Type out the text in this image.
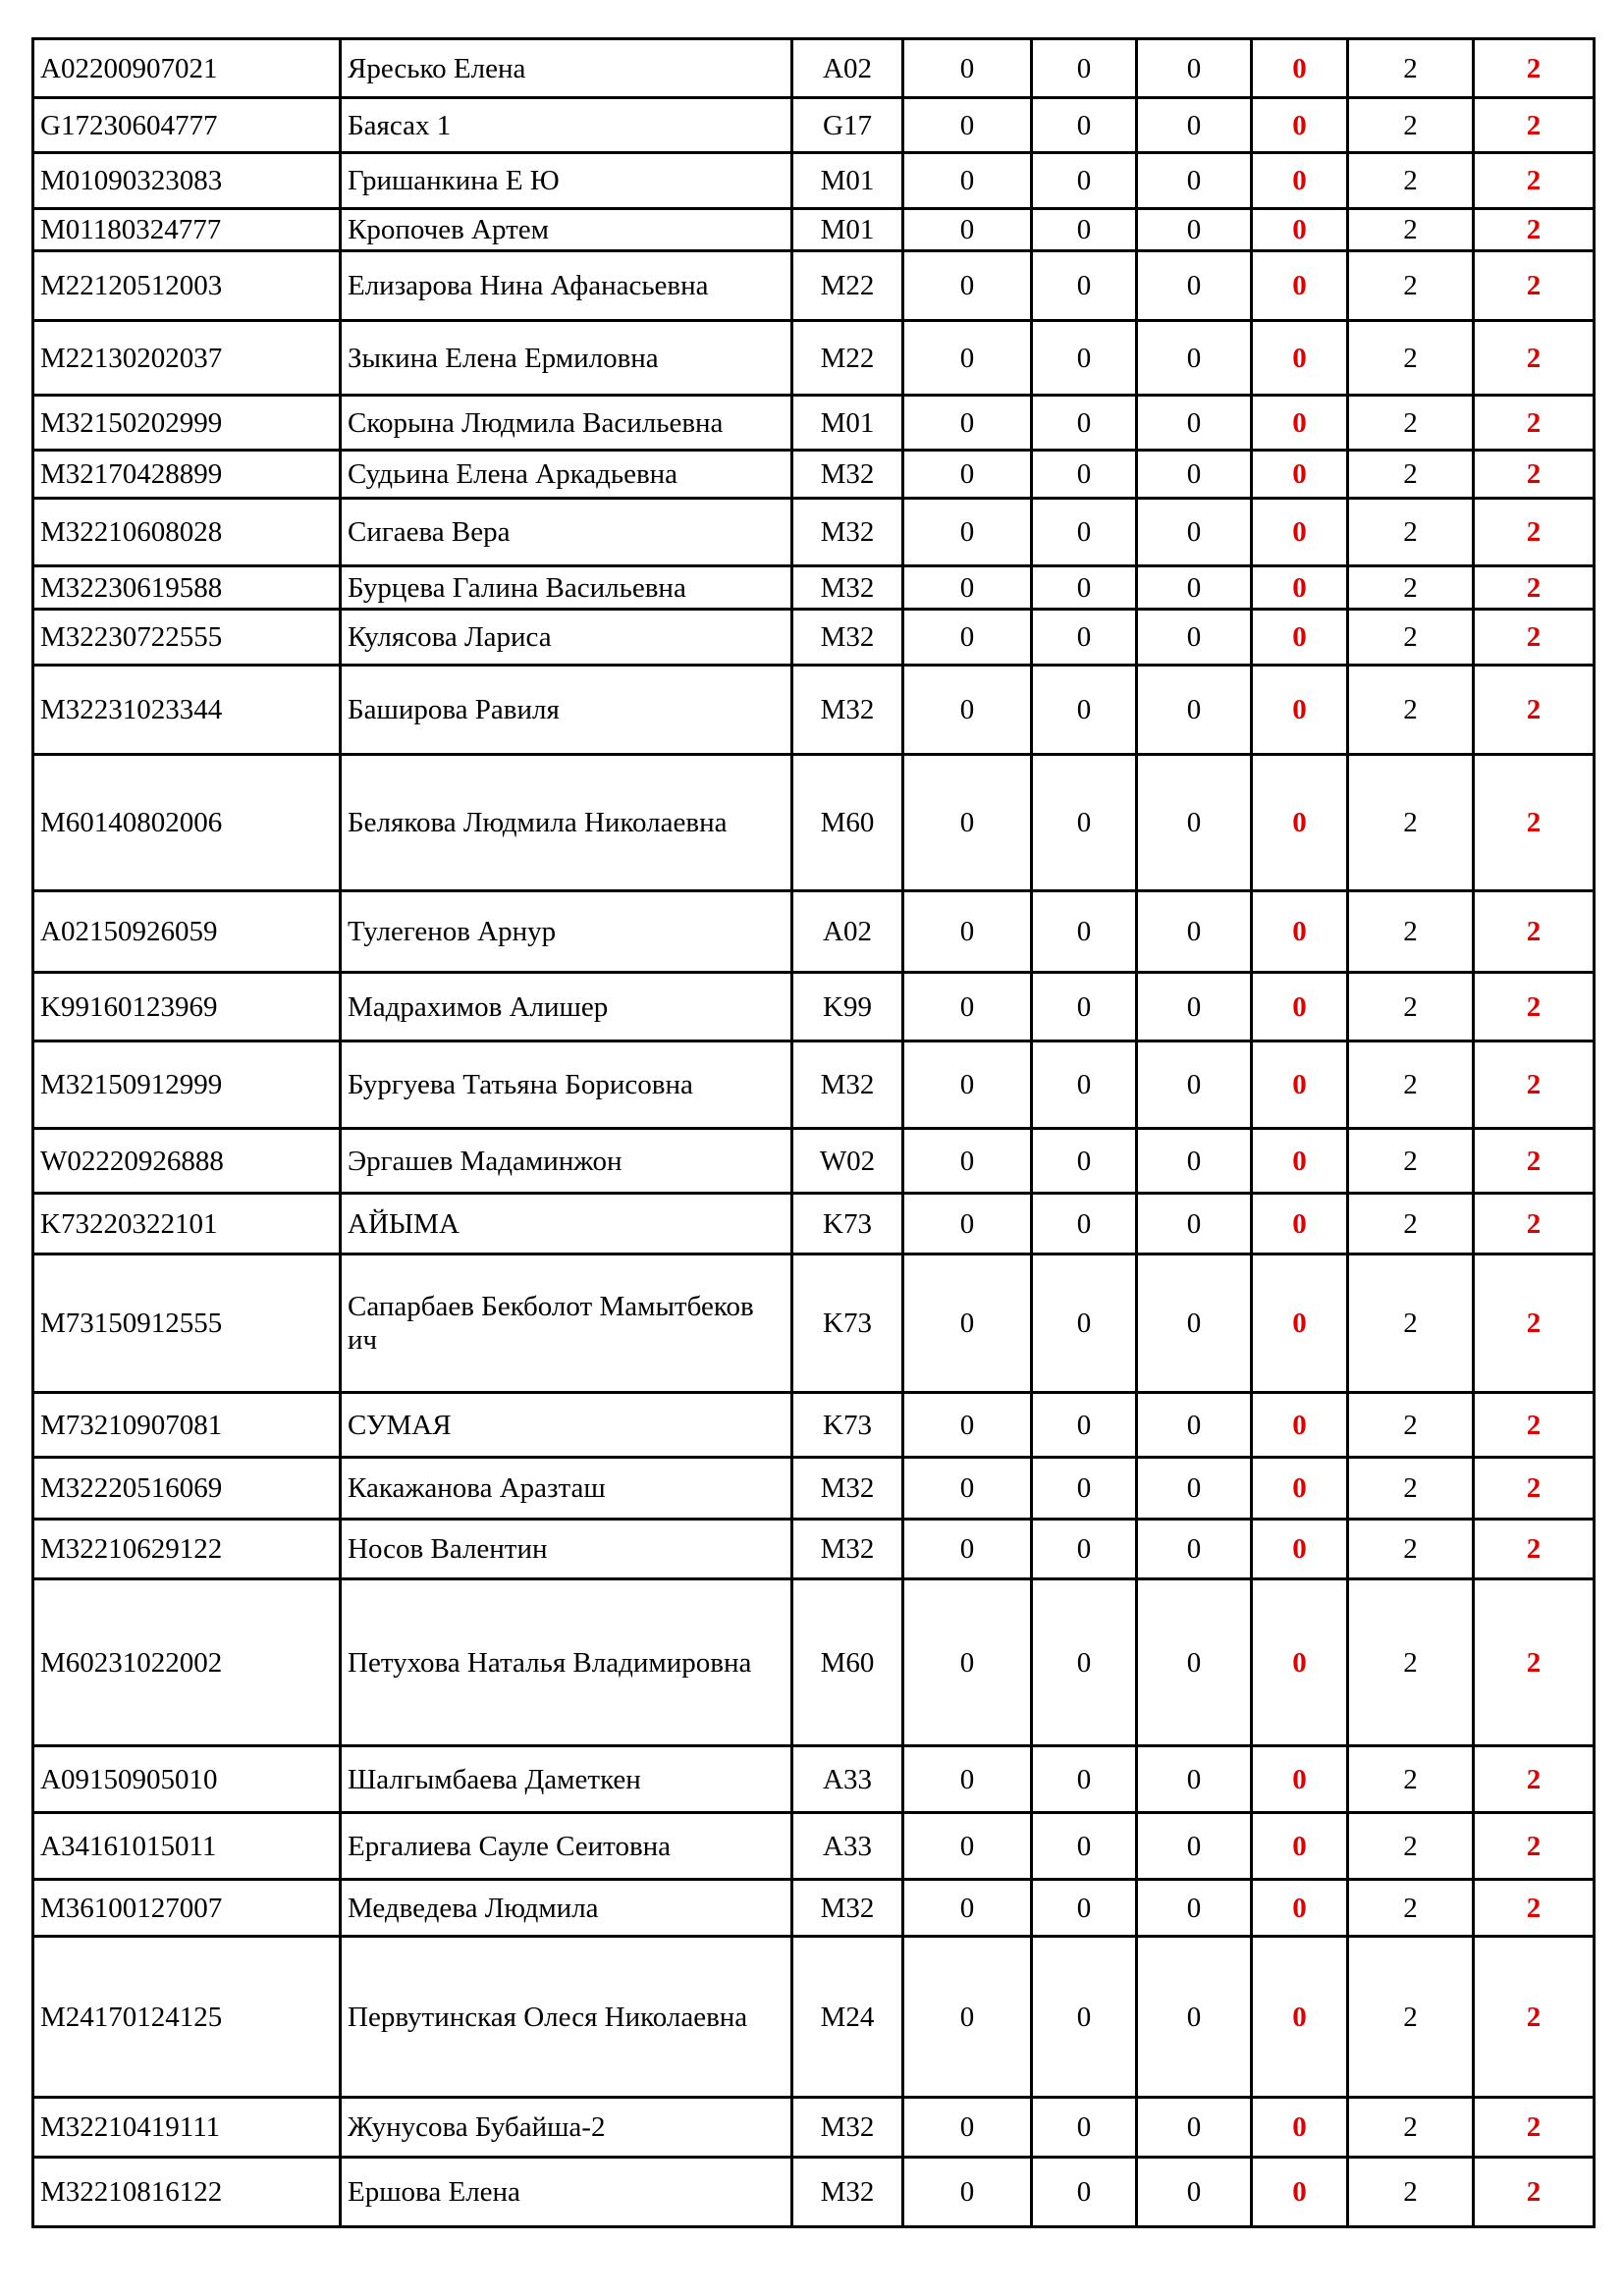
A02200907021	Яресько Елена	A02	0	0	0	0	2	2
G17230604777	Баясах 1	G17	0	0	0	0	2	2
M01090323083	Гришанкина Е Ю	M01	0	0	0	0	2	2
M01180324777	Кропочев Артем	M01	0	0	0	0	2	2
M22120512003	Елизарова Нина Афанасьевна	M22	0	0	0	0	2	2
M22130202037	Зыкина Елена Ермиловна	M22	0	0	0	0	2	2
M32150202999	Скорына Людмила Васильевна	M01	0	0	0	0	2	2
M32170428899	Судьина Елена Аркадьевна	M32	0	0	0	0	2	2
M32210608028	Сигаева Вера	M32	0	0	0	0	2	2
M32230619588	Бурцева Галина Васильевна	M32	0	0	0	0	2	2
M32230722555	Кулясова Лариса	M32	0	0	0	0	2	2
M32231023344	Баширова Равиля	M32	0	0	0	0	2	2
M60140802006	Белякова Людмила Николаевна	M60	0	0	0	0	2	2
A02150926059	Тулегенов Арнур	A02	0	0	0	0	2	2
K99160123969	Мадрахимов Алишер	K99	0	0	0	0	2	2
M32150912999	Бургуева Татьяна Борисовна	M32	0	0	0	0	2	2
W02220926888	Эргашев Мадаминжон	W02	0	0	0	0	2	2
K73220322101	АЙЫМА	K73	0	0	0	0	2	2
M73150912555	Сапарбаев Бекболот Мамытбеков ич	K73	0	0	0	0	2	2
M73210907081	СУМАЯ	K73	0	0	0	0	2	2
M32220516069	Какажанова Аразташ	M32	0	0	0	0	2	2
M32210629122	Носов Валентин	M32	0	0	0	0	2	2
M60231022002	Петухова Наталья Владимировна	M60	0	0	0	0	2	2
A09150905010	Шалгымбаева Даметкен	A33	0	0	0	0	2	2
A34161015011	Ергалиева Сауле Сеитовна	A33	0	0	0	0	2	2
M36100127007	Медведева Людмила	M32	0	0	0	0	2	2
M24170124125	Первутинская Олеся Николаевна	M24	0	0	0	0	2	2
M32210419111	Жунусова Бубайша-2	M32	0	0	0	0	2	2
M32210816122	Ершова Елена	M32	0	0	0	0	2	2
